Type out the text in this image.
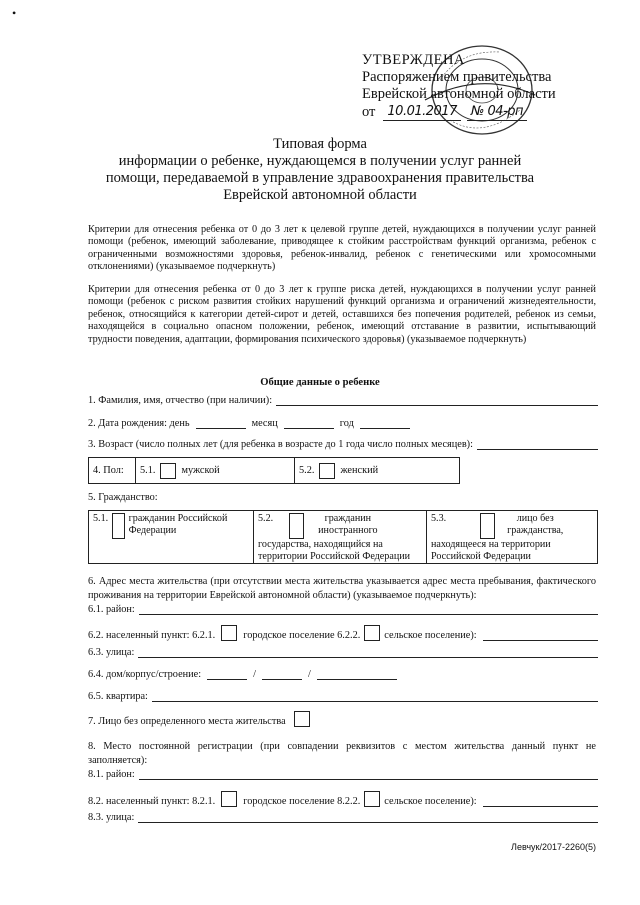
•
УТВЕРЖДЕНА
Распоряжением правительства
Еврейской автономной области
от 10.01.2017	№ 04-рп
Типовая форма
информации о ребенке, нуждающемся в получении услуг ранней
помощи, передаваемой в управление здравоохранения правительства
Еврейской автономной области
Критерии для отнесения ребенка от 0 до 3 лет к целевой группе детей, нуждающихся в получении услуг ранней помощи (ребенок, имеющий заболевание, приводящее к стойким расстройствам функций организма, ребенок с ограниченными возможностями здоровья, ребенок-инвалид, ребенок с генетическими или хромосомными отклонениями) (указываемое подчеркнуть)
Критерии для отнесения ребенка от 0 до 3 лет к группе риска детей, нуждающихся в получении услуг ранней помощи (ребенок с риском развития стойких нарушений функций организма и ограничений жизнедеятельности, ребенок, относящийся к категории детей-сирот и детей, оставшихся без попечения родителей, ребенок из семьи, находящейся в социально опасном положении, ребенок, имеющий отставание в развитии, испытывающий трудности поведения, адаптации, формирования психического здоровья) (указываемое подчеркнуть)
Общие данные о ребенке
1. Фамилия, имя, отчество (при наличии):
2. Дата рождения: день	месяц	год
3. Возраст (число полных лет (для ребенка в возрасте до 1 года число полных месяцев):
4. Пол: 5.1.	мужской	5.2.	женский
5. Гражданство:
5.1. гражданин Российской Федерации
5.2.	гражданин
иностранного
государства, находящийся на территории Российской Федерации
5.3.	лицо без
гражданства,
находящееся на территории Российской Федерации
6. Адрес места жительства (при отсутствии места жительства указывается адрес места пребывания, фактического проживания на территории Еврейской автономной области) (указываемое подчеркнуть):
6.1. район:
6.2. населенный пункт: 6.2.1.	городское поселение 6.2.2. сельское поселение):
6.3. улица:
6.4. дом/корпус/строение:	/	/
6.5. квартира:
7. Лицо без определенного места жительства
8. Место постоянной регистрации (при совпадении реквизитов с местом жительства данный пункт не заполняется):
8.1. район:
8.2. населенный пункт: 8.2.1.	городское поселение 8.2.2. сельское поселение):
8.3. улица:
Левчук/2017-2260(5)
